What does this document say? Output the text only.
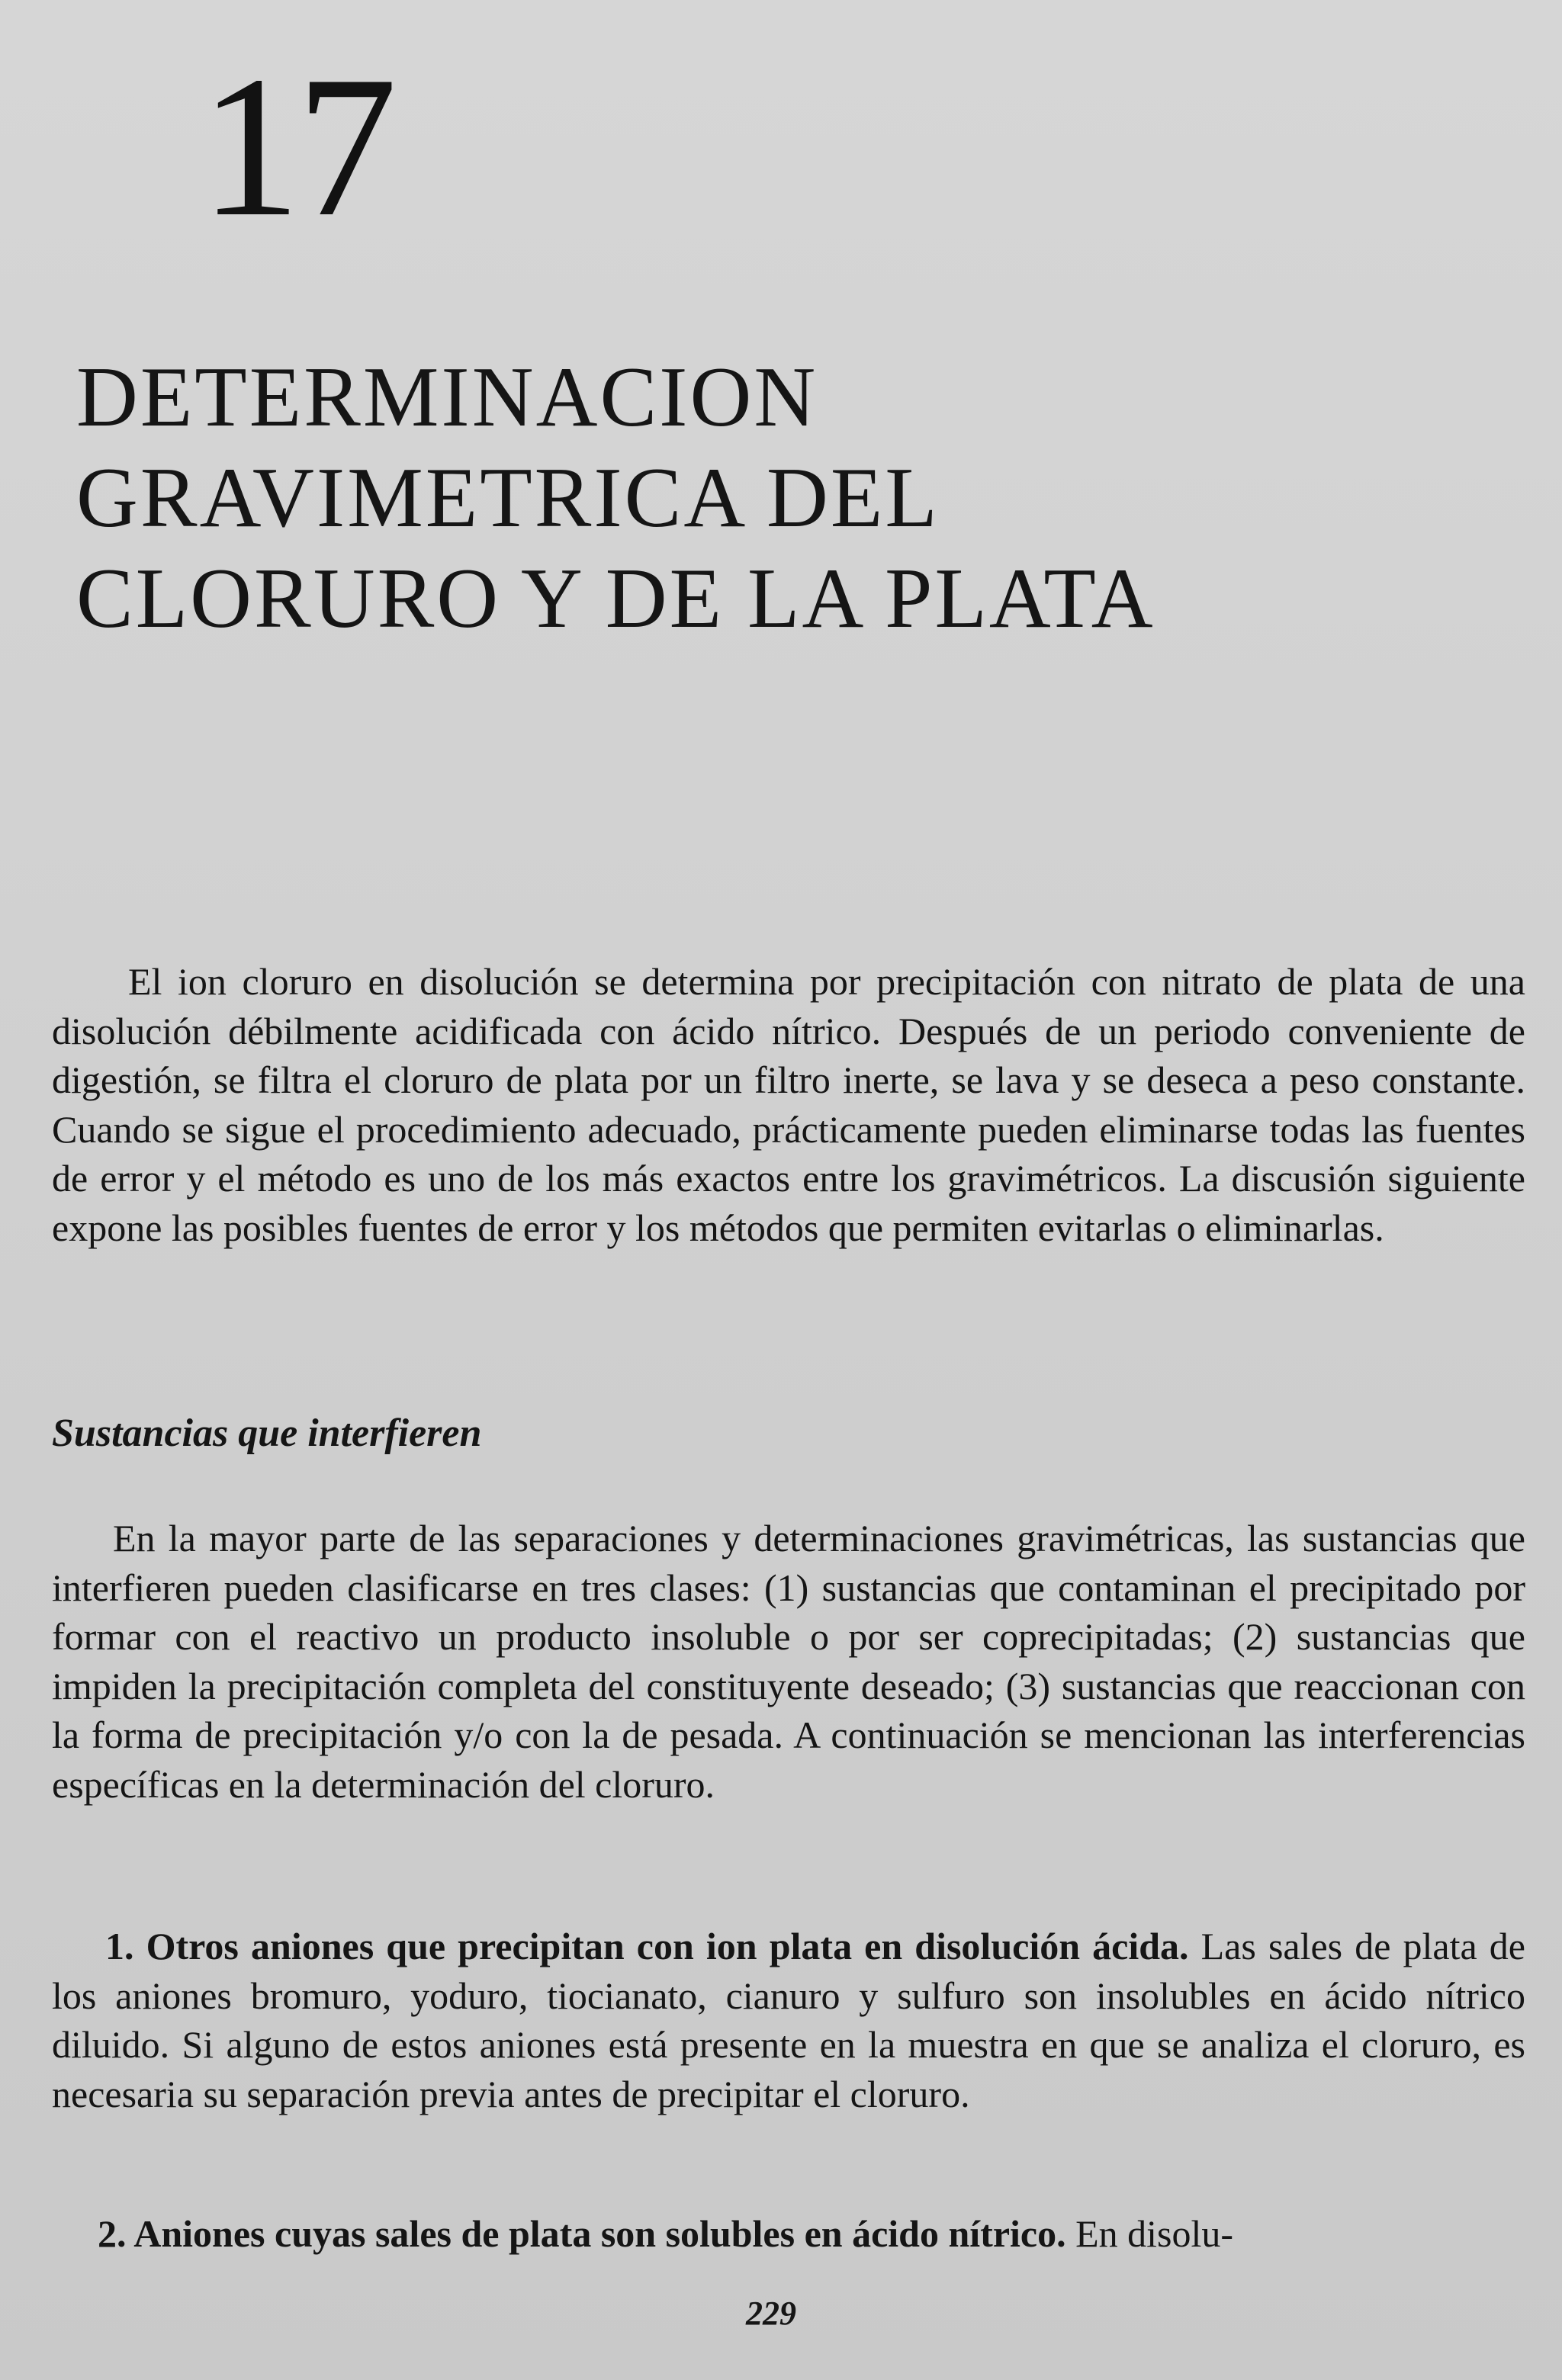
17
DETERMINACION
GRAVIMETRICA DEL
CLORURO Y DE LA PLATA

El ion cloruro en disolución se determina por precipitación con nitrato de plata de una disolución débilmente acidificada con ácido nítrico. Después de un periodo conveniente de digestión, se filtra el cloruro de plata por un filtro inerte, se lava y se deseca a peso constante. Cuando se sigue el procedimiento adecuado, prácticamente pueden eliminarse todas las fuentes de error y el método es uno de los más exactos entre los gravimétricos. La discusión siguiente expone las posibles fuentes de error y los métodos que permiten evitarlas o eliminarlas.

Sustancias que interfieren

En la mayor parte de las separaciones y determinaciones gravimétricas, las sustancias que interfieren pueden clasificarse en tres clases: (1) sustancias que contaminan el precipitado por formar con el reactivo un producto insoluble o por ser coprecipitadas; (2) sustancias que impiden la precipitación completa del constituyente deseado; (3) sustancias que reaccionan con la forma de precipitación y/o con la de pesada. A continuación se mencionan las interferencias específicas en la determinación del cloruro.

1. Otros aniones que precipitan con ion plata en disolución ácida. Las sales de plata de los aniones bromuro, yoduro, tiocianato, cianuro y sulfuro son insolubles en ácido nítrico diluido. Si alguno de estos aniones está presente en la muestra en que se analiza el cloruro, es necesaria su separación previa antes de precipitar el cloruro.

2. Aniones cuyas sales de plata son solubles en ácido nítrico. En disolu-

229
